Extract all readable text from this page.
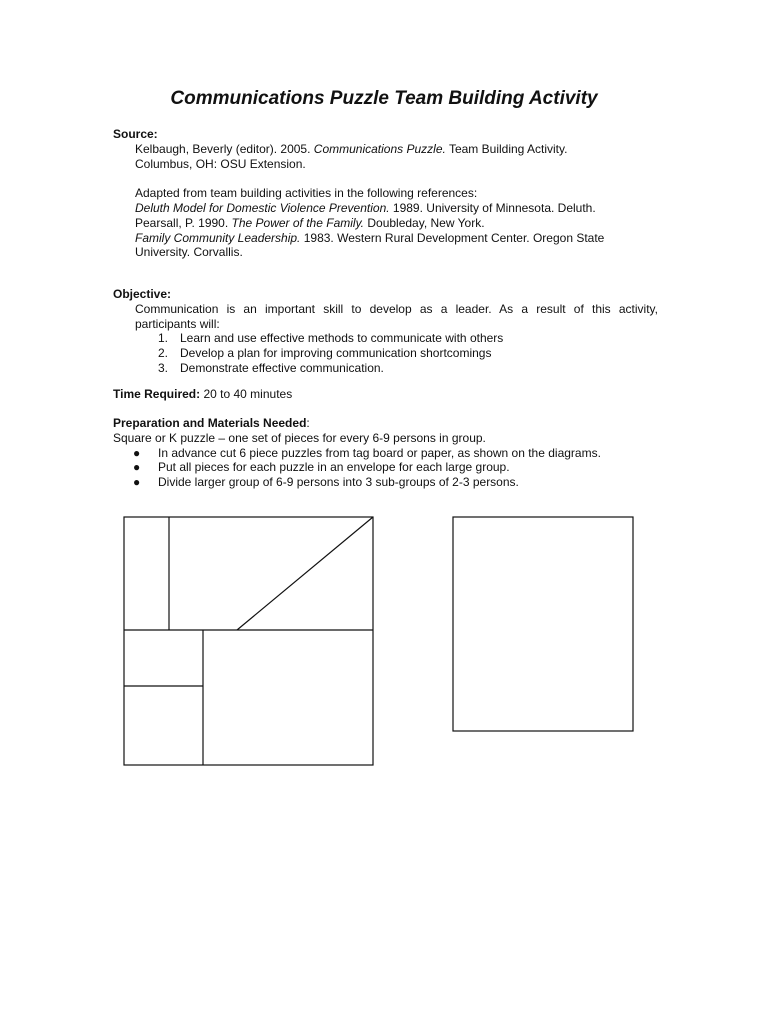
Communications Puzzle Team Building Activity
Source:
Kelbaugh, Beverly (editor). 2005. Communications Puzzle. Team Building Activity.
Columbus, OH: OSU Extension.
Adapted from team building activities in the following references:
Deluth Model for Domestic Violence Prevention. 1989. University of Minnesota. Deluth.
Pearsall, P. 1990. The Power of the Family. Doubleday, New York.
Family Community Leadership. 1983. Western Rural Development Center. Oregon State
University. Corvallis.
Objective:
Communication is an important skill to develop as a leader. As a result of this activity,
participants will:
1. Learn and use effective methods to communicate with others
2. Develop a plan for improving communication shortcomings
3. Demonstrate effective communication.
Time Required: 20 to 40 minutes
Preparation and Materials Needed:
Square or K puzzle – one set of pieces for every 6-9 persons in group.
● In advance cut 6 piece puzzles from tag board or paper, as shown on the diagrams.
● Put all pieces for each puzzle in an envelope for each large group.
● Divide larger group of 6-9 persons into 3 sub-groups of 2-3 persons.
